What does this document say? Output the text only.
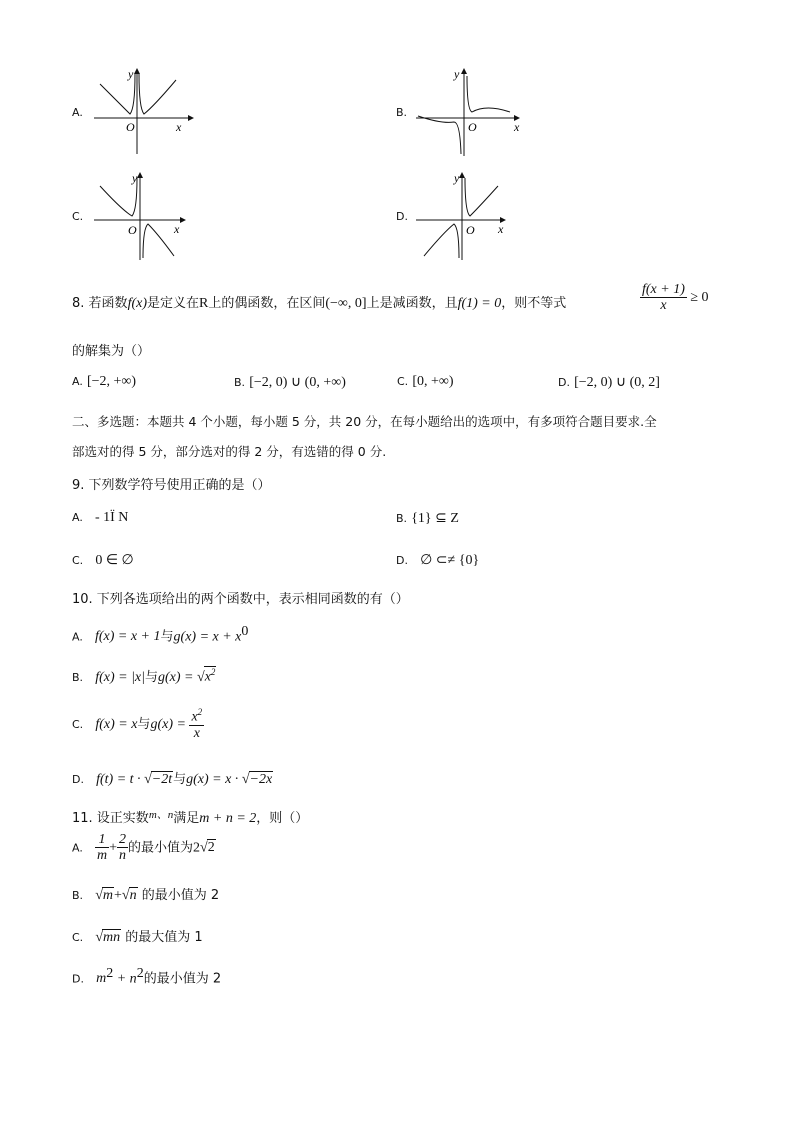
A.
y
O	x
B.
y
O	x
C.
y
O	x
D.
y
O x
8. 若函数f(x)是定义在R上的偶函数，在区间(−∞, 0]上是减函数，且f(1) = 0，则不等式	$\frac{f(x + 1)}{x} \ge 0$
的解集为（）
A. [−2, +∞)	B. [−2, 0) ∪ (0, +∞)	C. [0, +∞)	D. [−2, 0) ∪ (0, 2]
二、多选题：本题共 4 个小题，每小题 5 分，共 20 分，在每小题给出的选项中，有多项符合题目要求.全
部选对的得 5 分，部分选对的得 2 分，有选错的得 0 分.
9. 下列数学符号使用正确的是（）
A. - 1Ï N	B. {1} ⊆ Z
C. 0 ∈ ∅	D. ∅ ⊂≠ {0}
10. 下列各选项给出的两个函数中，表示相同函数的有（）
A. f(x) = x + 1与$g(x) = x + x^0$
B. f(x) = |x|与$g(x) = √x^2$
C. f(x) = x与$g(x) = \frac{x^2}{x}$
D. f(t) = t · √−2t与g(x) = x · √−2x
11. 设正实数$^{m、n}$满足m + n = 2，则（）
A. $\frac{1}{m} + \frac{2}{n}$ 的最小值为2√2
B. √m+√n 的最小值为 2
C. √mn 的最大值为 1
D. $m^2 + n^2$的最小值为 2
